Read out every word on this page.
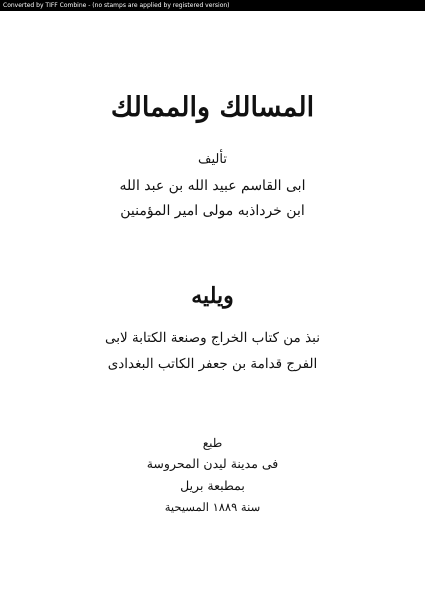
Converted by TIFF Combine - (no stamps are applied by registered version)
المسالك والممالك
تأليف
ابى القاسم عبيد الله بن عبد الله
ابن خرداذبه مولى امير المؤمنين
ويليه
نبذ من كتاب الخراج وصنعة الكتابة لابى
الفرج قدامة بن جعفر الكاتب البغدادى
طبع
فى مدينة ليدن المحروسة
بمطبعة بريل
سنة ١٨٨٩ المسيحية
